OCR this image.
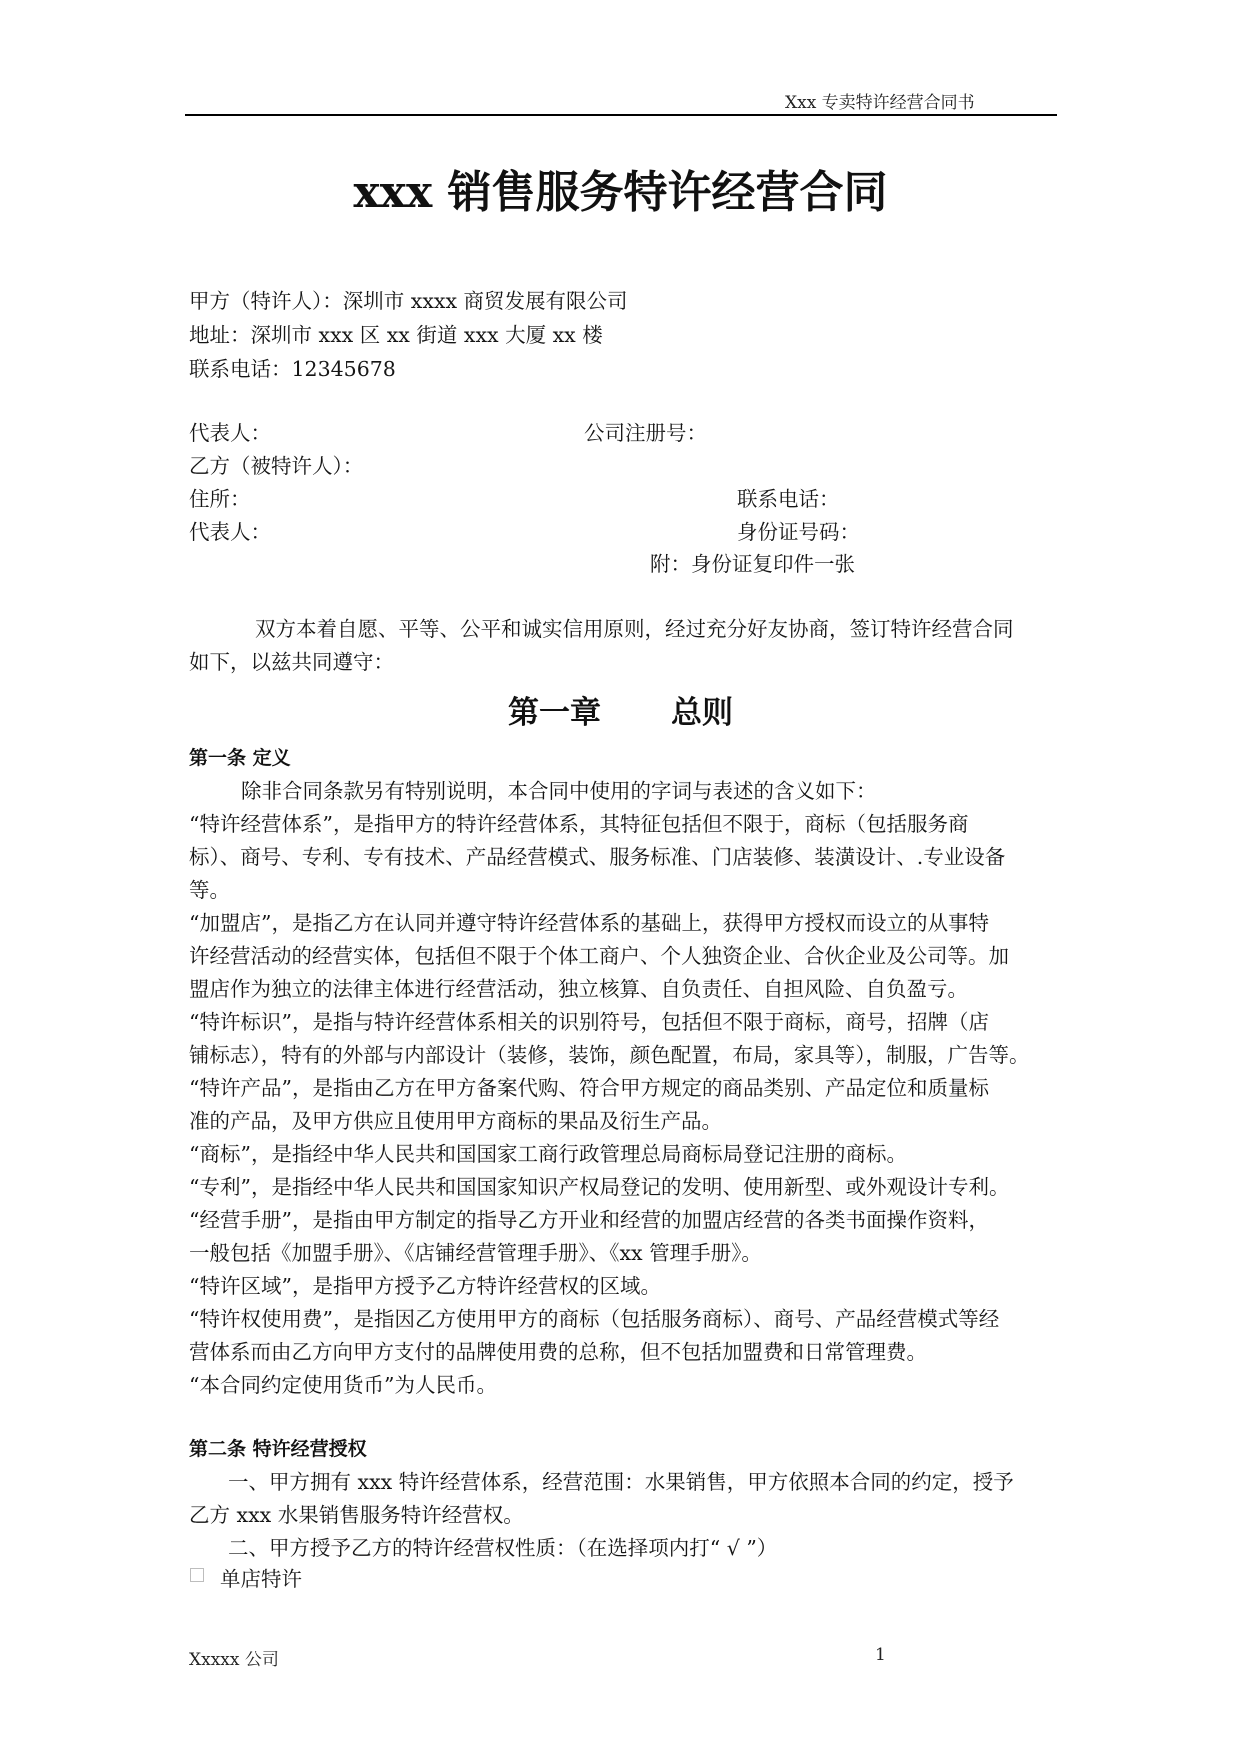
Xxx 专卖特许经营合同书
xxx 销售服务特许经营合同
甲方（特许人）：深圳市 xxxx 商贸发展有限公司
地址：深圳市 xxx 区 xx 街道 xxx 大厦 xx 楼
联系电话：12345678
代表人：	公司注册号：
乙方（被特许人）：
住所：	联系电话：
代表人：	身份证号码：
附：身份证复印件一张
双方本着自愿、平等、公平和诚实信用原则，经过充分好友协商，签订特许经营合同
如下，以兹共同遵守：
第一章 总则
第一条 定义
除非合同条款另有特别说明，本合同中使用的字词与表述的含义如下：
“特许经营体系”，是指甲方的特许经营体系，其特征包括但不限于，商标（包括服务商
标）、商号、专利、专有技术、产品经营模式、服务标准、门店装修、装潢设计、.专业设备
等。
“加盟店”，是指乙方在认同并遵守特许经营体系的基础上，获得甲方授权而设立的从事特
许经营活动的经营实体，包括但不限于个体工商户、个人独资企业、合伙企业及公司等。加
盟店作为独立的法律主体进行经营活动，独立核算、自负责任、自担风险、自负盈亏。
“特许标识”，是指与特许经营体系相关的识别符号，包括但不限于商标，商号，招牌（店
铺标志），特有的外部与内部设计（装修，装饰，颜色配置，布局，家具等），制服，广告等。
“特许产品”，是指由乙方在甲方备案代购、符合甲方规定的商品类别、产品定位和质量标
准的产品，及甲方供应且使用甲方商标的果品及衍生产品。
“商标”，是指经中华人民共和国国家工商行政管理总局商标局登记注册的商标。
“专利”，是指经中华人民共和国国家知识产权局登记的发明、使用新型、或外观设计专利。
“经营手册”，是指由甲方制定的指导乙方开业和经营的加盟店经营的各类书面操作资料，
一般包括《加盟手册》、《店铺经营管理手册》、《xx 管理手册》。
“特许区域”，是指甲方授予乙方特许经营权的区域。
“特许权使用费”，是指因乙方使用甲方的商标（包括服务商标）、商号、产品经营模式等经
营体系而由乙方向甲方支付的品牌使用费的总称，但不包括加盟费和日常管理费。
“本合同约定使用货币”为人民币。
第二条 特许经营授权
一、甲方拥有 xxx 特许经营体系，经营范围：水果销售，甲方依照本合同的约定，授予
乙方 xxx 水果销售服务特许经营权。
二、甲方授予乙方的特许经营权性质：（在选择项内打“ √ ”）
单店特许
Xxxxx 公司	1
